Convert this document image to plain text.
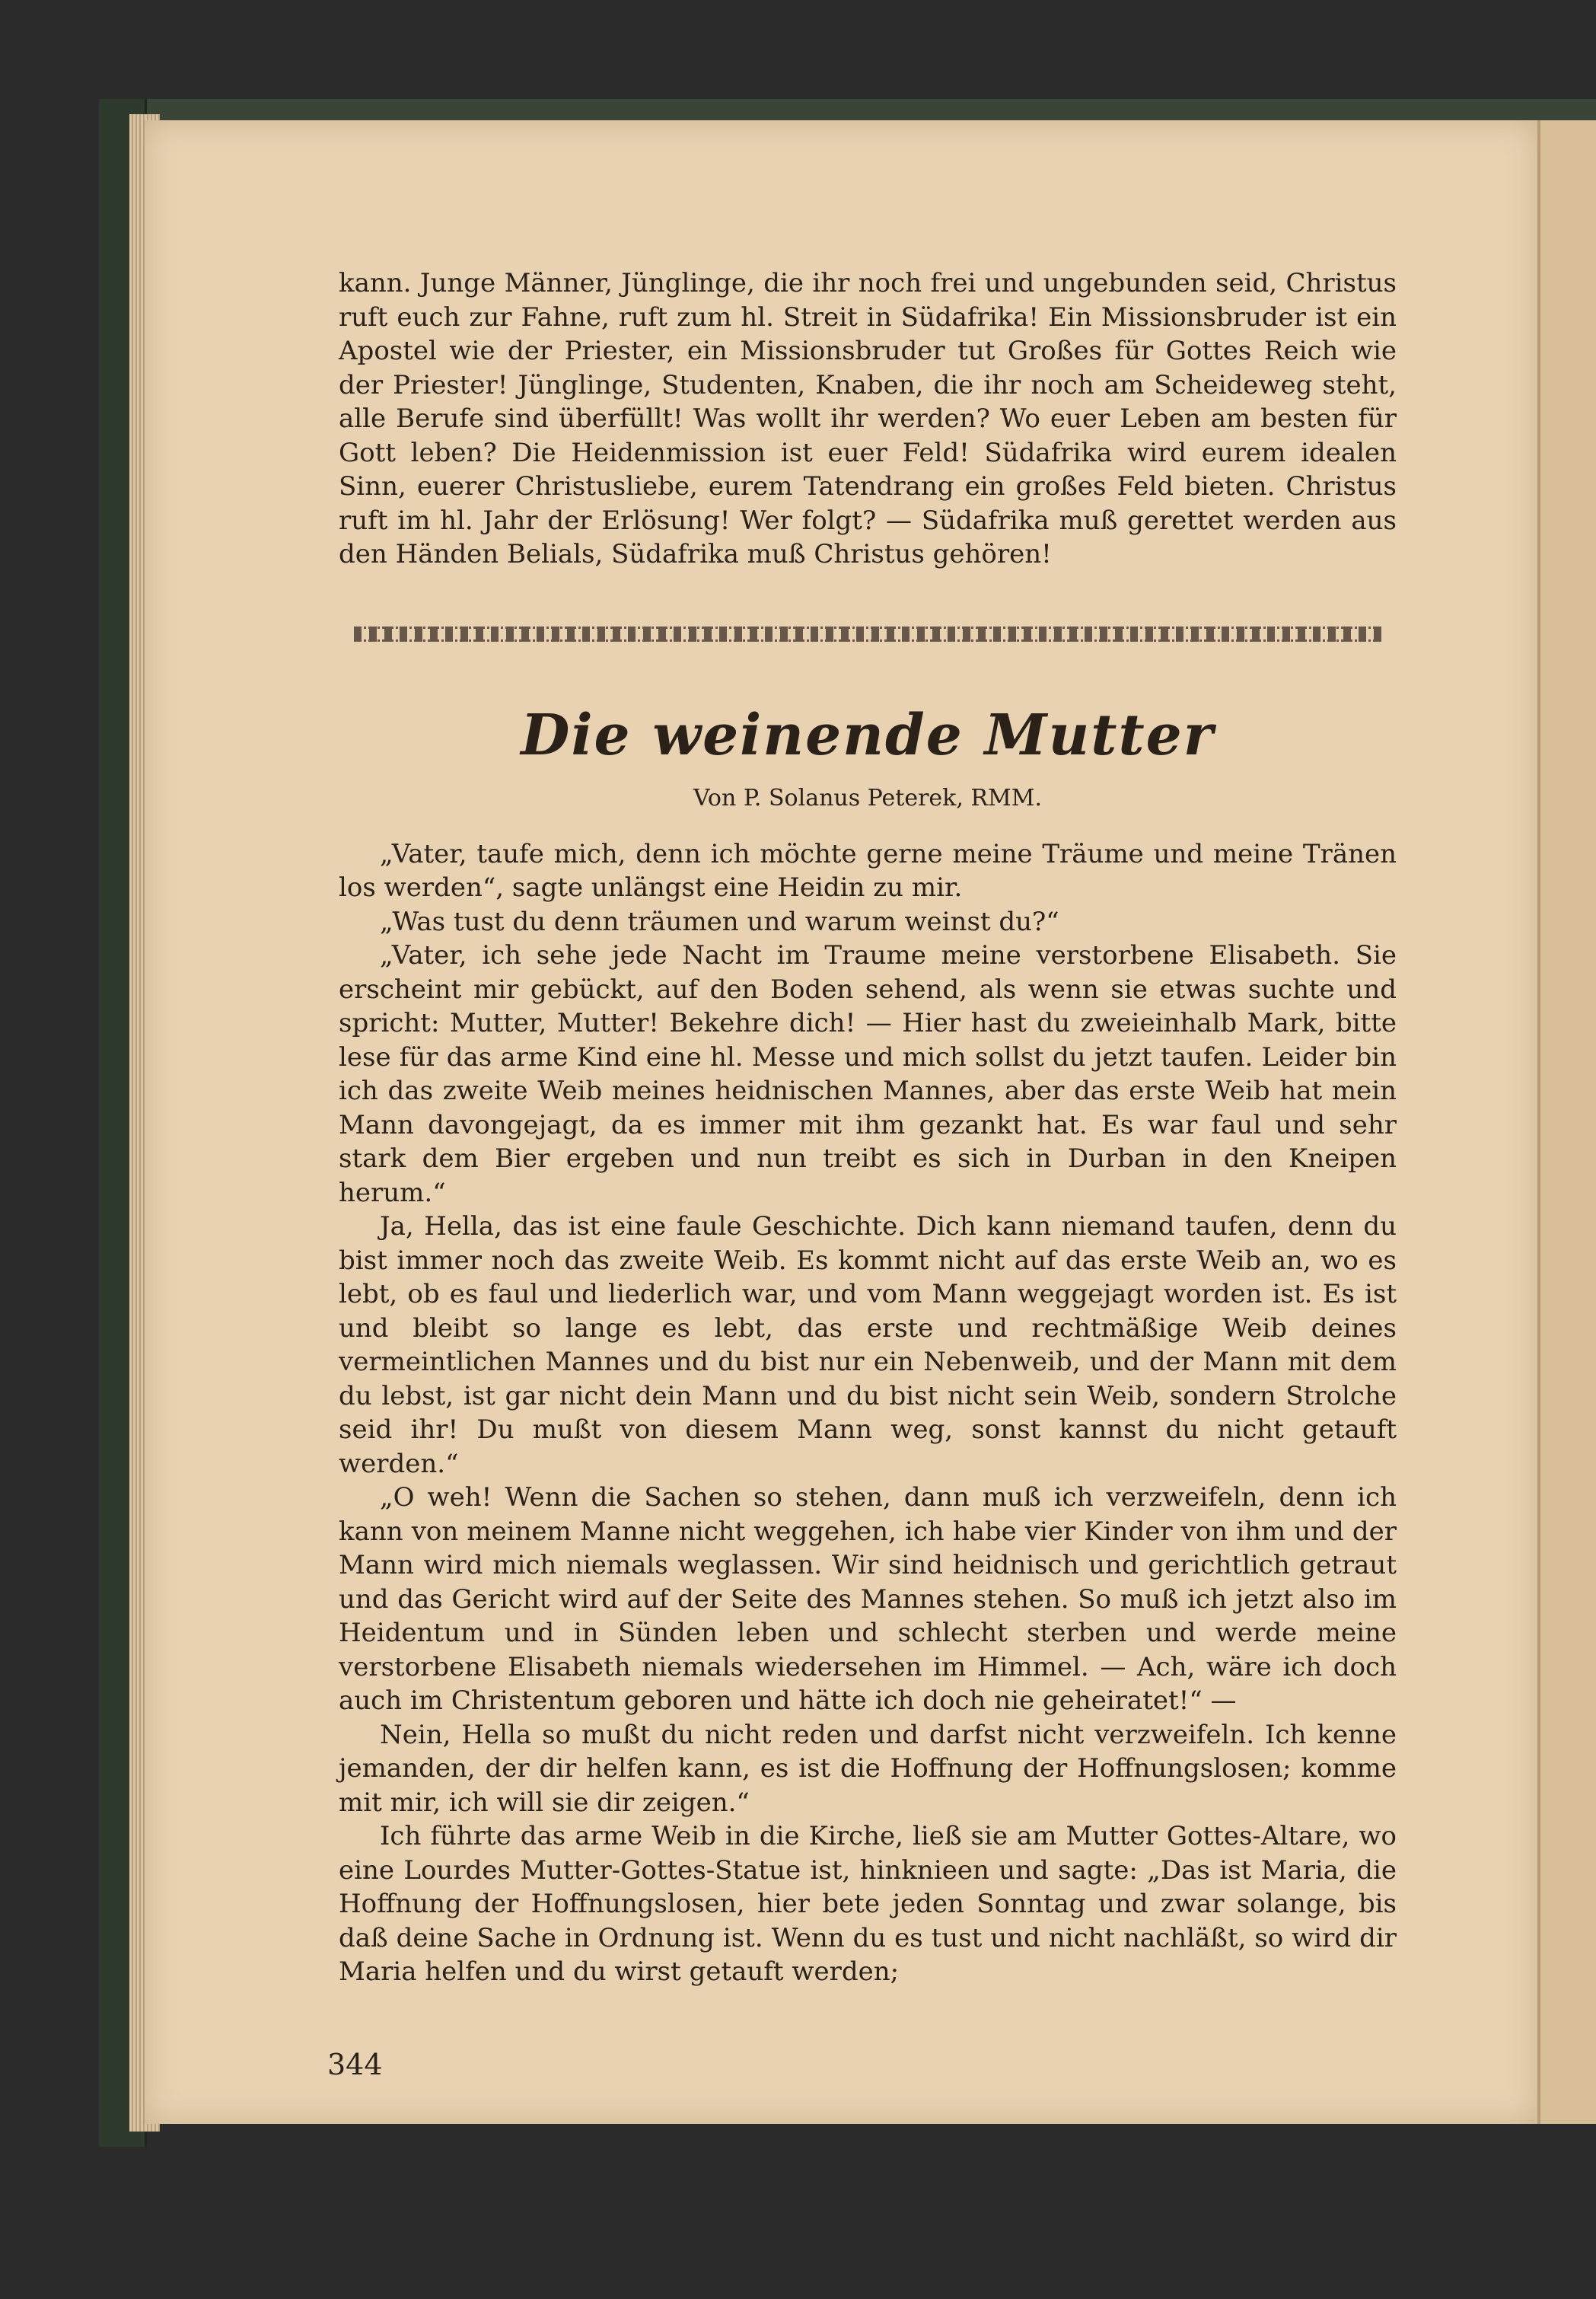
kann. Junge Männer, Jünglinge, die ihr noch frei und ungebunden seid, Christus ruft euch zur Fahne, ruft zum hl. Streit in Südafrika! Ein Missionsbruder ist ein Apostel wie der Priester, ein Missionsbruder tut Großes für Gottes Reich wie der Priester! Jünglinge, Studenten, Knaben, die ihr noch am Scheideweg steht, alle Berufe sind überfüllt! Was wollt ihr werden? Wo euer Leben am besten für Gott leben? Die Heidenmission ist euer Feld! Südafrika wird eurem idealen Sinn, euerer Christusliebe, eurem Tatendrang ein großes Feld bieten. Christus ruft im hl. Jahr der Erlösung! Wer folgt? — Südafrika muß gerettet werden aus den Händen Belials, Südafrika muß Christus gehören!

Die weinende Mutter
Von P. Solanus Peterek, RMM.

„Vater, taufe mich, denn ich möchte gerne meine Träume und meine Tränen los werden“, sagte unlängst eine Heidin zu mir.

„Was tust du denn träumen und warum weinst du?“

„Vater, ich sehe jede Nacht im Traume meine verstorbene Elisabeth. Sie erscheint mir gebückt, auf den Boden sehend, als wenn sie etwas suchte und spricht: Mutter, Mutter! Bekehre dich! — Hier hast du zweieinhalb Mark, bitte lese für das arme Kind eine hl. Messe und mich sollst du jetzt taufen. Leider bin ich das zweite Weib meines heidnischen Mannes, aber das erste Weib hat mein Mann davongejagt, da es immer mit ihm gezankt hat. Es war faul und sehr stark dem Bier ergeben und nun treibt es sich in Durban in den Kneipen herum.“

Ja, Hella, das ist eine faule Geschichte. Dich kann niemand taufen, denn du bist immer noch das zweite Weib. Es kommt nicht auf das erste Weib an, wo es lebt, ob es faul und liederlich war, und vom Mann weggejagt worden ist. Es ist und bleibt so lange es lebt, das erste und rechtmäßige Weib deines vermeintlichen Mannes und du bist nur ein Nebenweib, und der Mann mit dem du lebst, ist gar nicht dein Mann und du bist nicht sein Weib, sondern Strolche seid ihr! Du mußt von diesem Mann weg, sonst kannst du nicht getauft werden.“

„O weh! Wenn die Sachen so stehen, dann muß ich verzweifeln, denn ich kann von meinem Manne nicht weggehen, ich habe vier Kinder von ihm und der Mann wird mich niemals weglassen. Wir sind heidnisch und gerichtlich getraut und das Gericht wird auf der Seite des Mannes stehen. So muß ich jetzt also im Heidentum und in Sünden leben und schlecht sterben und werde meine verstorbene Elisabeth niemals wiedersehen im Himmel. — Ach, wäre ich doch auch im Christentum geboren und hätte ich doch nie geheiratet!“ —

Nein, Hella so mußt du nicht reden und darfst nicht verzweifeln. Ich kenne jemanden, der dir helfen kann, es ist die Hoffnung der Hoffnungslosen; komme mit mir, ich will sie dir zeigen.“

Ich führte das arme Weib in die Kirche, ließ sie am Mutter Gottes-Altare, wo eine Lourdes Mutter-Gottes-Statue ist, hinknieen und sagte: „Das ist Maria, die Hoffnung der Hoffnungslosen, hier bete jeden Sonntag und zwar solange, bis daß deine Sache in Ordnung ist. Wenn du es tust und nicht nachläßt, so wird dir Maria helfen und du wirst getauft werden;

344
